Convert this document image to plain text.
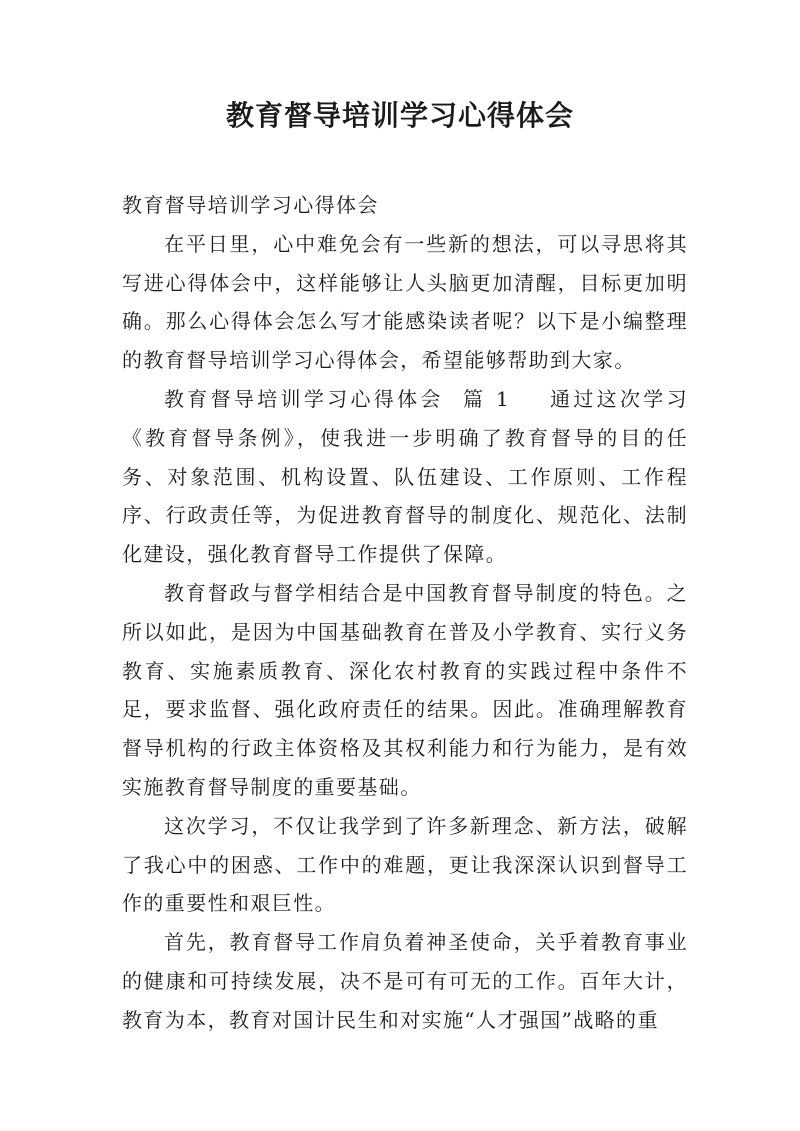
教育督导培训学习心得体会

教育督导培训学习心得体会

在平日里，心中难免会有一些新的想法，可以寻思将其写进心得体会中，这样能够让人头脑更加清醒，目标更加明确。那么心得体会怎么写才能感染读者呢？以下是小编整理的教育督导培训学习心得体会，希望能够帮助到大家。

教育督导培训学习心得体会  篇 1 通过这次学习《教育督导条例》，使我进一步明确了教育督导的目的任务、对象范围、机构设置、队伍建设、工作原则、工作程序、行政责任等，为促进教育督导的制度化、规范化、法制化建设，强化教育督导工作提供了保障。

教育督政与督学相结合是中国教育督导制度的特色。之所以如此，是因为中国基础教育在普及小学教育、实行义务教育、实施素质教育、深化农村教育的实践过程中条件不足，要求监督、强化政府责任的结果。因此。准确理解教育督导机构的行政主体资格及其权利能力和行为能力，是有效实施教育督导制度的重要基础。

这次学习，不仅让我学到了许多新理念、新方法，破解了我心中的困惑、工作中的难题，更让我深深认识到督导工作的重要性和艰巨性。

首先，教育督导工作肩负着神圣使命，关乎着教育事业的健康和可持续发展，决不是可有可无的工作。百年大计，教育为本，教育对国计民生和对实施“人才强国”战略的重
